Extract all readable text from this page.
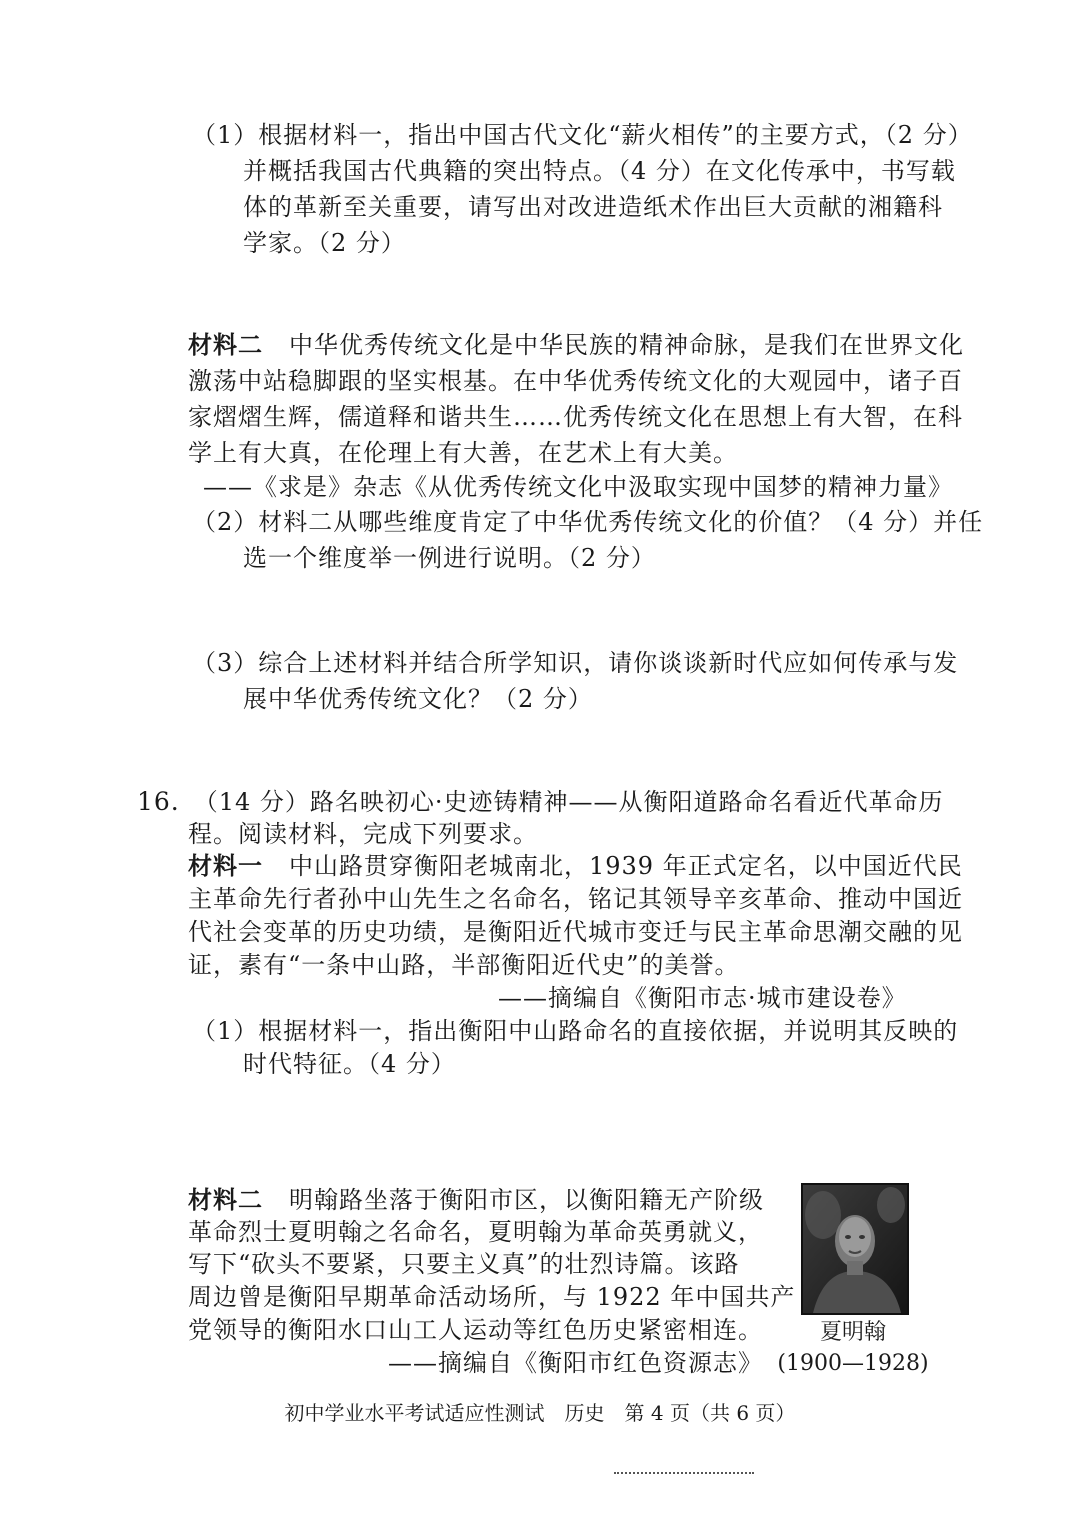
（1）根据材料一，指出中国古代文化“薪火相传”的主要方式，（2 分）
并概括我国古代典籍的突出特点。（4 分）在文化传承中，书写载
体的革新至关重要，请写出对改进造纸术作出巨大贡献的湘籍科
学家。（2 分）
材料二 中华优秀传统文化是中华民族的精神命脉，是我们在世界文化
激荡中站稳脚跟的坚实根基。在中华优秀传统文化的大观园中，诸子百
家熠熠生辉，儒道释和谐共生……优秀传统文化在思想上有大智，在科
学上有大真，在伦理上有大善，在艺术上有大美。
——《求是》杂志《从优秀传统文化中汲取实现中国梦的精神力量》
（2）材料二从哪些维度肯定了中华优秀传统文化的价值？（4 分）并任
选一个维度举一例进行说明。（2 分）
（3）综合上述材料并结合所学知识，请你谈谈新时代应如何传承与发
展中华优秀传统文化？（2 分）
16. （14 分）路名映初心·史迹铸精神——从衡阳道路命名看近代革命历
程。阅读材料，完成下列要求。
材料一 中山路贯穿衡阳老城南北，1939 年正式定名，以中国近代民
主革命先行者孙中山先生之名命名，铭记其领导辛亥革命、推动中国近
代社会变革的历史功绩，是衡阳近代城市变迁与民主革命思潮交融的见
证，素有“一条中山路，半部衡阳近代史”的美誉。
——摘编自《衡阳市志·城市建设卷》
（1）根据材料一，指出衡阳中山路命名的直接依据，并说明其反映的
时代特征。（4 分）
材料二 明翰路坐落于衡阳市区，以衡阳籍无产阶级
革命烈士夏明翰之名命名，夏明翰为革命英勇就义，
写下“砍头不要紧，只要主义真”的壮烈诗篇。该路
周边曾是衡阳早期革命活动场所，与 1922 年中国共产
党领导的衡阳水口山工人运动等红色历史紧密相连。
——摘编自《衡阳市红色资源志》
夏明翰
(1900—1928)
初中学业水平考试适应性测试　历史　第 4 页（共 6 页）
